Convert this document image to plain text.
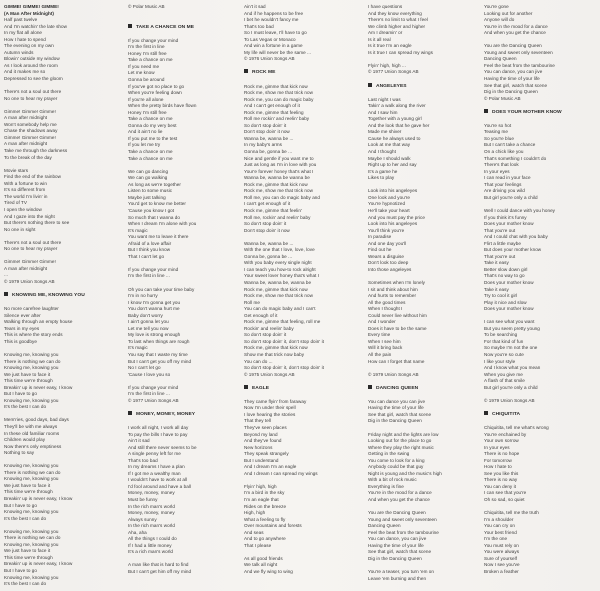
GIMME! GIMME! GIMME!
(A Man After Midnight)
Half past twelve
And I'm watchin' the late show
In my flat all alone
How I hate to spend
The evening on my own
Autumn winds
Blowin' outside my window
As I look around the room
And it makes me so
Depressed to see the gloom
There's not a soul out there
No one to hear my prayer
Gimme! Gimme! Gimme!
A man after midnight
Won't somebody help me
Chase the shadows away
Gimme! Gimme! Gimme!
A man after midnight
Take me through the darkness
To the break of the day
Movie stars
Find the end of the rainbow
With a fortune to win
It's so different from
The world I'm livin' in
Tired of TV
I open the window
And I gaze into the night
But there's nothing there to see
No one in sight
There's not a soul out there
No one to hear my prayer
Gimme! Gimme! Gimme!
A man after midnight
...
© 1979 Union Songs AB
KNOWING ME, KNOWING YOU
No more carefree laughter
Silence ever after
Walking through an empty house
Tears in my eyes
This is where the story ends
This is goodbye
Knowing me, knowing you
There is nothing we can do
Knowing me, knowing you
We just have to face it
This time we're through
Breakin' up is never easy, I know
But I have to go
Knowing me, knowing you
It's the best I can do
Mem'ries, good days, bad days
They'll be with me always
In these old familiar rooms
Children would play
Now there's only emptiness
Nothing to say
Knowing me, knowing you
There is nothing we can do
Knowing me, knowing you
We just have to face it
This time we're through
Breakin' up is never easy, I know
But I have to go
Knowing me, knowing you
It's the best I can do
Knowing me, knowing you
There is nothing we can do
Knowing me, knowing you
We just have to face it
This time we're through
Breakin' up is never easy, I know
But I have to go
Knowing me, knowing you
It's the best I can do
© Polar Music AB
TAKE A CHANCE ON ME
If you change your mind
I'm the first in line
Honey I'm still free
Take a chance on me
If you need me
Let me know
Gonna be around
If you've got no place to go
When you're feeling down
If you're all alone
When the pretty birds have flown
Honey I'm still free
Take a chance on me
Gonna do my very best
And it ain't no lie
If you put me to the test
If you let me try
Take a chance on me
Take a chance on me
We can go dancing
We can go walking
As long as we're together
Listen to some music
Maybe just talking
You'd get to know me better
'Cause you know I got
So much that I wanna do
When I dream I'm alone with you
It's magic
You want me to leave it there
Afraid of a love affair
But I think you know
That I can't let go
If you change your mind
I'm the first in line ...
Oh you can take your time baby
I'm in no hurry
I know I'm gonna get you
You don't wanna hurt me
Baby don't worry
I ain't gonna let you
Let me tell you now
My love is strong enough
To last when things are rough
It's magic
You say that I waste my time
But I can't get you off my mind
No I can't let go
'Cause I love you so
If you change your mind
I'm the first in line ...
© 1977 Union Songs AB
MONEY, MONEY, MONEY
I work all night, I work all day
To pay the bills I have to pay
Ain't it sad
And still there never seems to be
A single penny left for me
That's too bad
In my dreams I have a plan
If I got me a wealthy man
I wouldn't have to work at all
I'd fool around and have a ball
Money, money, money
Must be funny
In the rich man's world
Money, money, money
Always sunny
In the rich man's world
Aha, aha
All the things I could do
If I had a little money
It's a rich man's world
A man like that is hard to find
But I can't get him off my mind
Ain't it sad
And if he happens to be free
I bet he wouldn't fancy me
That's too bad
So I must leave, I'll have to go
To Las Vegas or Monaco
And win a fortune in a game
My life will never be the same ...
© 1976 Union Songs AB
ROCK ME
Rock me, gimme that kick now
Rock me, show me that trick now
Rock me, you can do magic baby
And I can't get enough of it
Rock me, gimme that feeling
Roll me rockin' and reelin' baby
So don't stop doin' it
Don't stop doin' it now
Wanna be, wanna be ...
In my baby's arms
Gonna be, gonna be ...
Nice and gentle if you want me to
Just as long as I'm in love with you
Your'e forever honey that's what I
Wanna be, wanna be wanna be
Rock me, gimme that kick now
Rock me, show me that trick now
Roll me, you can do magic baby and
I can't get enough of it
Rock me, gimme that feelin'
Roll me, rockin' and reelin' baby
So don't stop doin' it
Don't stop doin' it now
Wanna be, wanna be ...
With the one that I love, love, love
Gonna be, gonna be ...
With you baby every single night
I can teach you how-to rock alright
Your sweet lover honey that's what I
Wanna be, wanna be, wanna be
Rock me, gimme that kick now
Rock me, show me that trick now
Roll me
You can do magic baby and I can't
Get enough of it
Rock me, gimme that feeling, roll me
Rockin' and reelin' baby
So don't stop doin' it
So don't stop doin' it, don't stop doin' it
Rock me, gimme that kick now
Show me that trick now baby
You can do ...
So don't stop doin' it, don't stop doin' it
© 1975 Union Songs AB
EAGLE
They came flyin' from faraway
Now I'm under their spell
I love hearing the stories
That they tell
They've seen places
Beyond my land
And they've found
New horizons
They speak strangely
But I understand
And I dream I'm an eagle
And I dream I can spread my wings
Flyin' high, high
I'm a bird in the sky
I'm an eagle that
Rides on the breeze
High, high
What a feeling to fly
Over mountains and forests
And seas
And to go anywhere
That I please
As all good friends
We talk all night
And we fly wing to wing
I have questions
And they know everything
There's no limit to what I feel
We climb higher and higher
Am I dreamin' or
Is it all real
Is it true I'm an eagle
Is it true I can spread my wings
Flyin' high, high ...
© 1977 Union Songs AB
ANGELEYES
Last night I was
Takin' a walk along the river
And I saw him
Together with a young girl
And the look that he gave her
Made me shiver
Cause he always used to
Look at me that way
And I thought
Maybe I should walk
Right up to her and say
It's a game he
Likes to play
Look into his angeleyes
One look and you're
You're hypnotized
He'll take your heart
And you must pay the price
Look into his angeleyes
You'll think you're
In paradise
And one day you'll
Find out he
Wears a disguise
Don't look too deep
Into those angeleyes
Sometimes when I'm lonely
I sit and think about him
And hurts to remember
All the good times
When I thought I
Could never live without him
And I wonder
Does it have to be the same
Every time
When I see him
Will it bring back
All the pain
How can I forget that name
© 1979 Union Songs AB
DANCING QUEEN
You can dance you can jive
Having the time of your life
See that girl, watch that scene
Dig in the Dancing Queen
Friday night and the lights are low
Looking out for the place to go
Where they play the right music
Getting in the swing
You come to look for a king
Anybody could be that guy
Night is young and the music's high
With a bit of rock music
Everything is fine
You're in the mood for a dance
And when you get the chance
You are the Dancing Queen
Young and sweet only seventeen
Dancing Queen
Feel the beat from the tambourine
You can dance, you can jive
Having the time of your life
See that girl, watch that scene
Dig in the Dancing Queen
You're a teaser, you turn 'em on
Leave 'em burning and then
You're gone
Looking out for another
Anyone will do
You're in the mood for a dance
And when you get the chance
You are the Dancing Queen
Young and sweet only seventeen
Dancing Queen
Feel the beat from the tambourine
You can dance, you can jive
Having the time of your life
See that girl, watch that scene
Dig in the Dancing Queen
© Polar Music AB
DOES YOUR MOTHER KNOW
You're so hot
Teasing me
So you're blue
But I can't take a chance
On a chick like you
That's something I couldn't do
There's that look
In your eyes
I can read in your face
That your feelings
Are driving you wild
But girl you're only a child
Well I could dance with you honey
If you think it's funny
Does your mother know
That you're out
And I could chat with you baby
Flirt a little maybe
But does your mother know
That you're out
Take it easy
Better slow down girl
That's no way to go
Does your mother know
Take it easy
Try to cool it girl
Play it nice and slow
Does your mother know
I can see what you want
But you seem pretty young
To be searching
For that kind of fun
So maybe I'm not the one
Now you're so cute
I like your style
And I know what you mean
When you give me
A flash of that smile
But girl you're only a child
© 1979 Union Songs AB
CHIQUITITA
Chiquitita, tell me what's wrong
You're enchained by
Your own sorrow
In your eyes
There is no hope
For tomorrow
How I hate to
See you like this
There is no way
You can deny it
I can see that you're
Oh so sad, so quiet
Chiquitita, tell me the truth
I'm a shoulder
You can cry on
Your best friend
I'm the one
You must rely on
You were always
Sure of yourself
Now I see you've
Broken a feather
